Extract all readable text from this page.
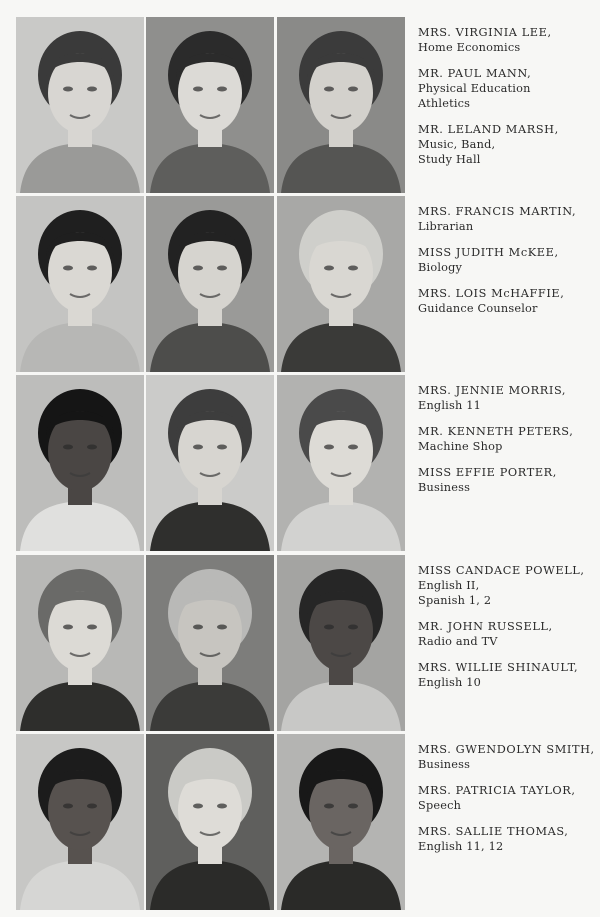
MRS. VIRGINIA LEE,
Home Economics
MR. PAUL MANN,
Physical Education
Athletics
MR. LELAND MARSH,
Music, Band,
Study Hall
MRS. FRANCIS MARTIN,
Librarian
MISS JUDITH McKEE,
Biology
MRS. LOIS McHAFFIE,
Guidance Counselor
MRS. JENNIE MORRIS,
English 11
MR. KENNETH PETERS,
Machine Shop
MISS EFFIE PORTER,
Business
MISS CANDACE POWELL,
English II,
Spanish 1, 2
MR. JOHN RUSSELL,
Radio and TV
MRS. WILLIE SHINAULT,
English 10
MRS. GWENDOLYN SMITH,
Business
MRS. PATRICIA TAYLOR,
Speech
MRS. SALLIE THOMAS,
English 11, 12
